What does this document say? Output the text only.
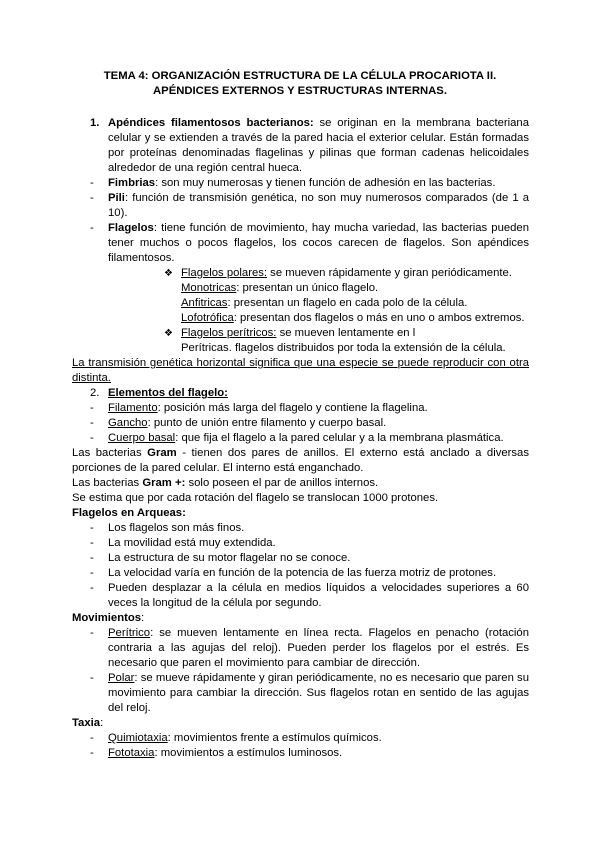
TEMA 4: ORGANIZACIÓN ESTRUCTURA DE LA CÉLULA PROCARIOTA II.
APÉNDICES EXTERNOS Y ESTRUCTURAS INTERNAS.
1. Apéndices filamentosos bacterianos: se originan en la membrana bacteriana
celular y se extienden a través de la pared hacia el exterior celular. Están formadas
por proteínas denominadas flagelinas y pilinas que forman cadenas helicoidales
alrededor de una región central hueca.
-	Fimbrias: son muy numerosas y tienen función de adhesión en las bacterias.
-	Pili: función de transmisión genética, no son muy numerosos comparados (de 1 a
10).
-	Flagelos: tiene función de movimiento, hay mucha variedad, las bacterias pueden
tener muchos o pocos flagelos, los cocos carecen de flagelos. Son apéndices
filamentosos.
❖ Flagelos polares: se mueven rápidamente y giran periódicamente.
Monotricas: presentan un único flagelo.
Anfitricas: presentan un flagelo en cada polo de la célula.
Lofotrófica: presentan dos flagelos o más en uno o ambos extremos.
❖ Flagelos perítricos: se mueven lentamente en l
Perítricas. flagelos distribuidos por toda la extensión de la célula.
La transmisión genética horizontal significa que una especie se puede reproducir con otra
distinta.
2. Elementos del flagelo:
-	Filamento: posición más larga del flagelo y contiene la flagelina.
-	Gancho: punto de unión entre filamento y cuerpo basal.
-	Cuerpo basal: que fija el flagelo a la pared celular y a la membrana plasmática.
Las bacterias Gram - tienen dos pares de anillos. El externo está anclado a diversas
porciones de la pared celular. El interno está enganchado.
Las bacterias Gram +: solo poseen el par de anillos internos.
Se estima que por cada rotación del flagelo se translocan 1000 protones.
Flagelos en Arqueas:
-	Los flagelos son más finos.
-	La movilidad está muy extendida.
-	La estructura de su motor flagelar no se conoce.
-	La velocidad varía en función de la potencia de las fuerza motriz de protones.
-	Pueden desplazar a la célula en medios líquidos a velocidades superiores a 60
veces la longitud de la célula por segundo.
Movimientos:
-	Perítrico: se mueven lentamente en línea recta. Flagelos en penacho (rotación
contraria a las agujas del reloj). Pueden perder los flagelos por el estrés. Es
necesario que paren el movimiento para cambiar de dirección.
-	Polar: se mueve rápidamente y giran periódicamente, no es necesario que paren su
movimiento para cambiar la dirección. Sus flagelos rotan en sentido de las agujas
del reloj.
Taxia:
-	Quimiotaxia: movimientos frente a estímulos químicos.
-	Fototaxia: movimientos a estímulos luminosos.
